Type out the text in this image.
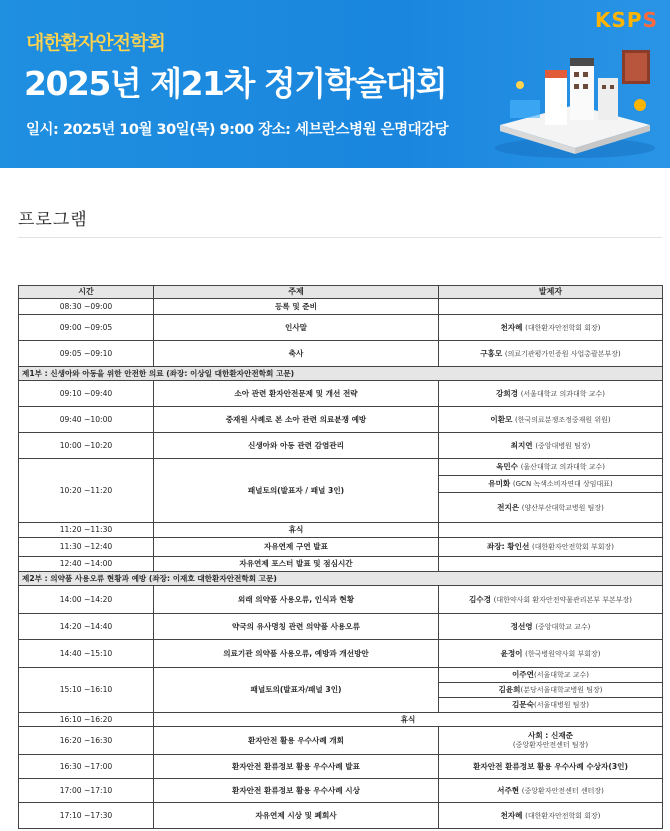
대한환자안전학회
2025년 제21차 정기학술대회
일시: 2025년 10월 30일(목) 9:00 장소: 세브란스병원 은명대강당
KSPS
프로그램
시간	주제	발제자
08:30 ~09:00	등록 및 준비	
09:00 ~09:05	인사말	천자혜 (대한환자안전학회 회장)
09:05 ~09:10	축사	구홍모 (의료기관평가인증원 사업총괄본부장)
제1부 : 신생아와 아동을 위한 안전한 의료 (좌장: 이상일 대한환자안전학회 고문)		
09:10 ~09:40	소아 관련 환자안전문제 및 개선 전략	강희경 (서울대학교 의과대학 교수)
09:40 ~10:00	중재원 사례로 본 소아 관련 의료분쟁 예방	이환모 (한국의료분쟁조정중재원 위원)
10:00 ~10:20	신생아와 아동 관련 감염관리	최지연 (중앙대병원 팀장)
10:20 ~11:20	패널토의(발표자 / 패널 3인)	옥민수 (울산대학교 의과대학 교수)
		유미화 (GCN 녹색소비자연대 상임대표)
		전지은 (양산부산대학교병원 팀장)
11:20 ~11:30	휴식	
11:30 ~12:40	자유연제 구연 발표	좌장: 황인선 (대한환자안전학회 부회장)
12:40 ~14:00	자유연제 포스터 발표 및 점심시간	
제2부 : 의약품 사용오류 현황과 예방 (좌장: 이재호 대한환자안전학회 고문)		
14:00 ~14:20	외래 의약품 사용오류, 인식과 현황	김수경 (대한약사회 환자안전약물관리본부 부본부장)
14:20 ~14:40	약국의 유사명칭 관련 의약품 사용오류	정선영 (중앙대학교 교수)
14:40 ~15:10	의료기관 의약품 사용오류, 예방과 개선방안	윤정이 (한국병원약사회 부회장)
15:10 ~16:10	패널토의(발표자/패널 3인)	이주연(서울대학교 교수)
		김윤희(분당서울대학교병원 팀장)
		김문숙(서울대병원 팀장)
16:10 ~16:20	휴식	
16:20 ~16:30	환자안전 활용 우수사례 개회	사회 : 신재준
(중앙환자안전센터 팀장)
16:30 ~17:00	환자안전 환류정보 활용 우수사례 발표	환자안전 환류정보 활용 우수사례 수상자(3인)
17:00 ~17:10	환자안전 환류정보 활용 우수사례 시상	서주현 (중앙환자안전센터 센터장)
17:10 ~17:30	자유연제 시상 및 폐회사	천자혜 (대한환자안전학회 회장)
